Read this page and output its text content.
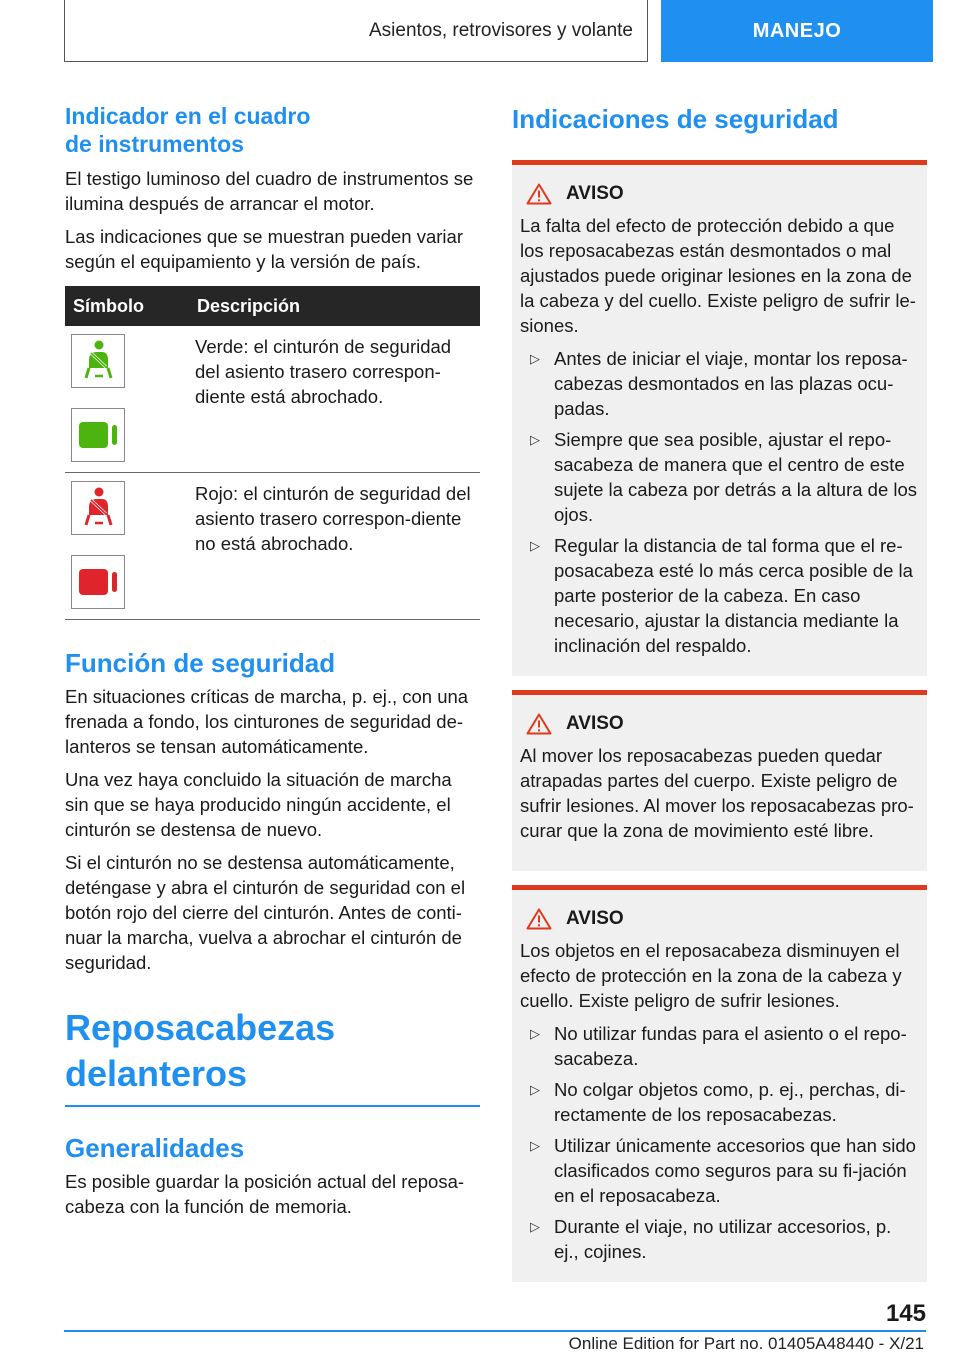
Asientos, retrovisores y volante	MANEJO
Indicador en el cuadro de instrumentos

El testigo luminoso del cuadro de instrumentos se ilumina después de arrancar el motor.

Las indicaciones que se muestran pueden variar según el equipamiento y la versión de país.

Símbolo	Descripción

	Verde: el cinturón de seguridad del asiento trasero correspon-diente está abrochado.

	Rojo: el cinturón de seguridad del asiento trasero correspon-diente no está abrochado.
Función de seguridad

En situaciones críticas de marcha, p. ej., con una frenada a fondo, los cinturones de seguridad de-lanteros se tensan automáticamente.

Una vez haya concluido la situación de marcha sin que se haya producido ningún accidente, el cinturón se destensa de nuevo.

Si el cinturón no se destensa automáticamente, deténgase y abra el cinturón de seguridad con el botón rojo del cierre del cinturón. Antes de conti-nuar la marcha, vuelva a abrochar el cinturón de seguridad.

Reposacabezas delanteros
Generalidades

Es posible guardar la posición actual del reposa-cabeza con la función de memoria.

Indicaciones de seguridad
AVISO

La falta del efecto de protección debido a que los reposacabezas están desmontados o mal ajustados puede originar lesiones en la zona de la cabeza y del cuello. Existe peligro de sufrir le-siones.

▷ Antes de iniciar el viaje, montar los reposa-cabezas desmontados en las plazas ocu-padas.
▷ Siempre que sea posible, ajustar el repo-sacabeza de manera que el centro de este sujete la cabeza por detrás a la altura de los ojos.
▷ Regular la distancia de tal forma que el re-posacabeza esté lo más cerca posible de la parte posterior de la cabeza. En caso necesario, ajustar la distancia mediante la inclinación del respaldo.
AVISO

Al mover los reposacabezas pueden quedar atrapadas partes del cuerpo. Existe peligro de sufrir lesiones. Al mover los reposacabezas pro-curar que la zona de movimiento esté libre.

AVISO

Los objetos en el reposacabeza disminuyen el efecto de protección en la zona de la cabeza y cuello. Existe peligro de sufrir lesiones.

▷ No utilizar fundas para el asiento o el repo-sacabeza.
▷ No colgar objetos como, p. ej., perchas, di-rectamente de los reposacabezas.
▷ Utilizar únicamente accesorios que han sido clasificados como seguros para su fi-jación en el reposacabeza.
▷ Durante el viaje, no utilizar accesorios, p. ej., cojines.
145
Online Edition for Part no. 01405A48440 - X/21
